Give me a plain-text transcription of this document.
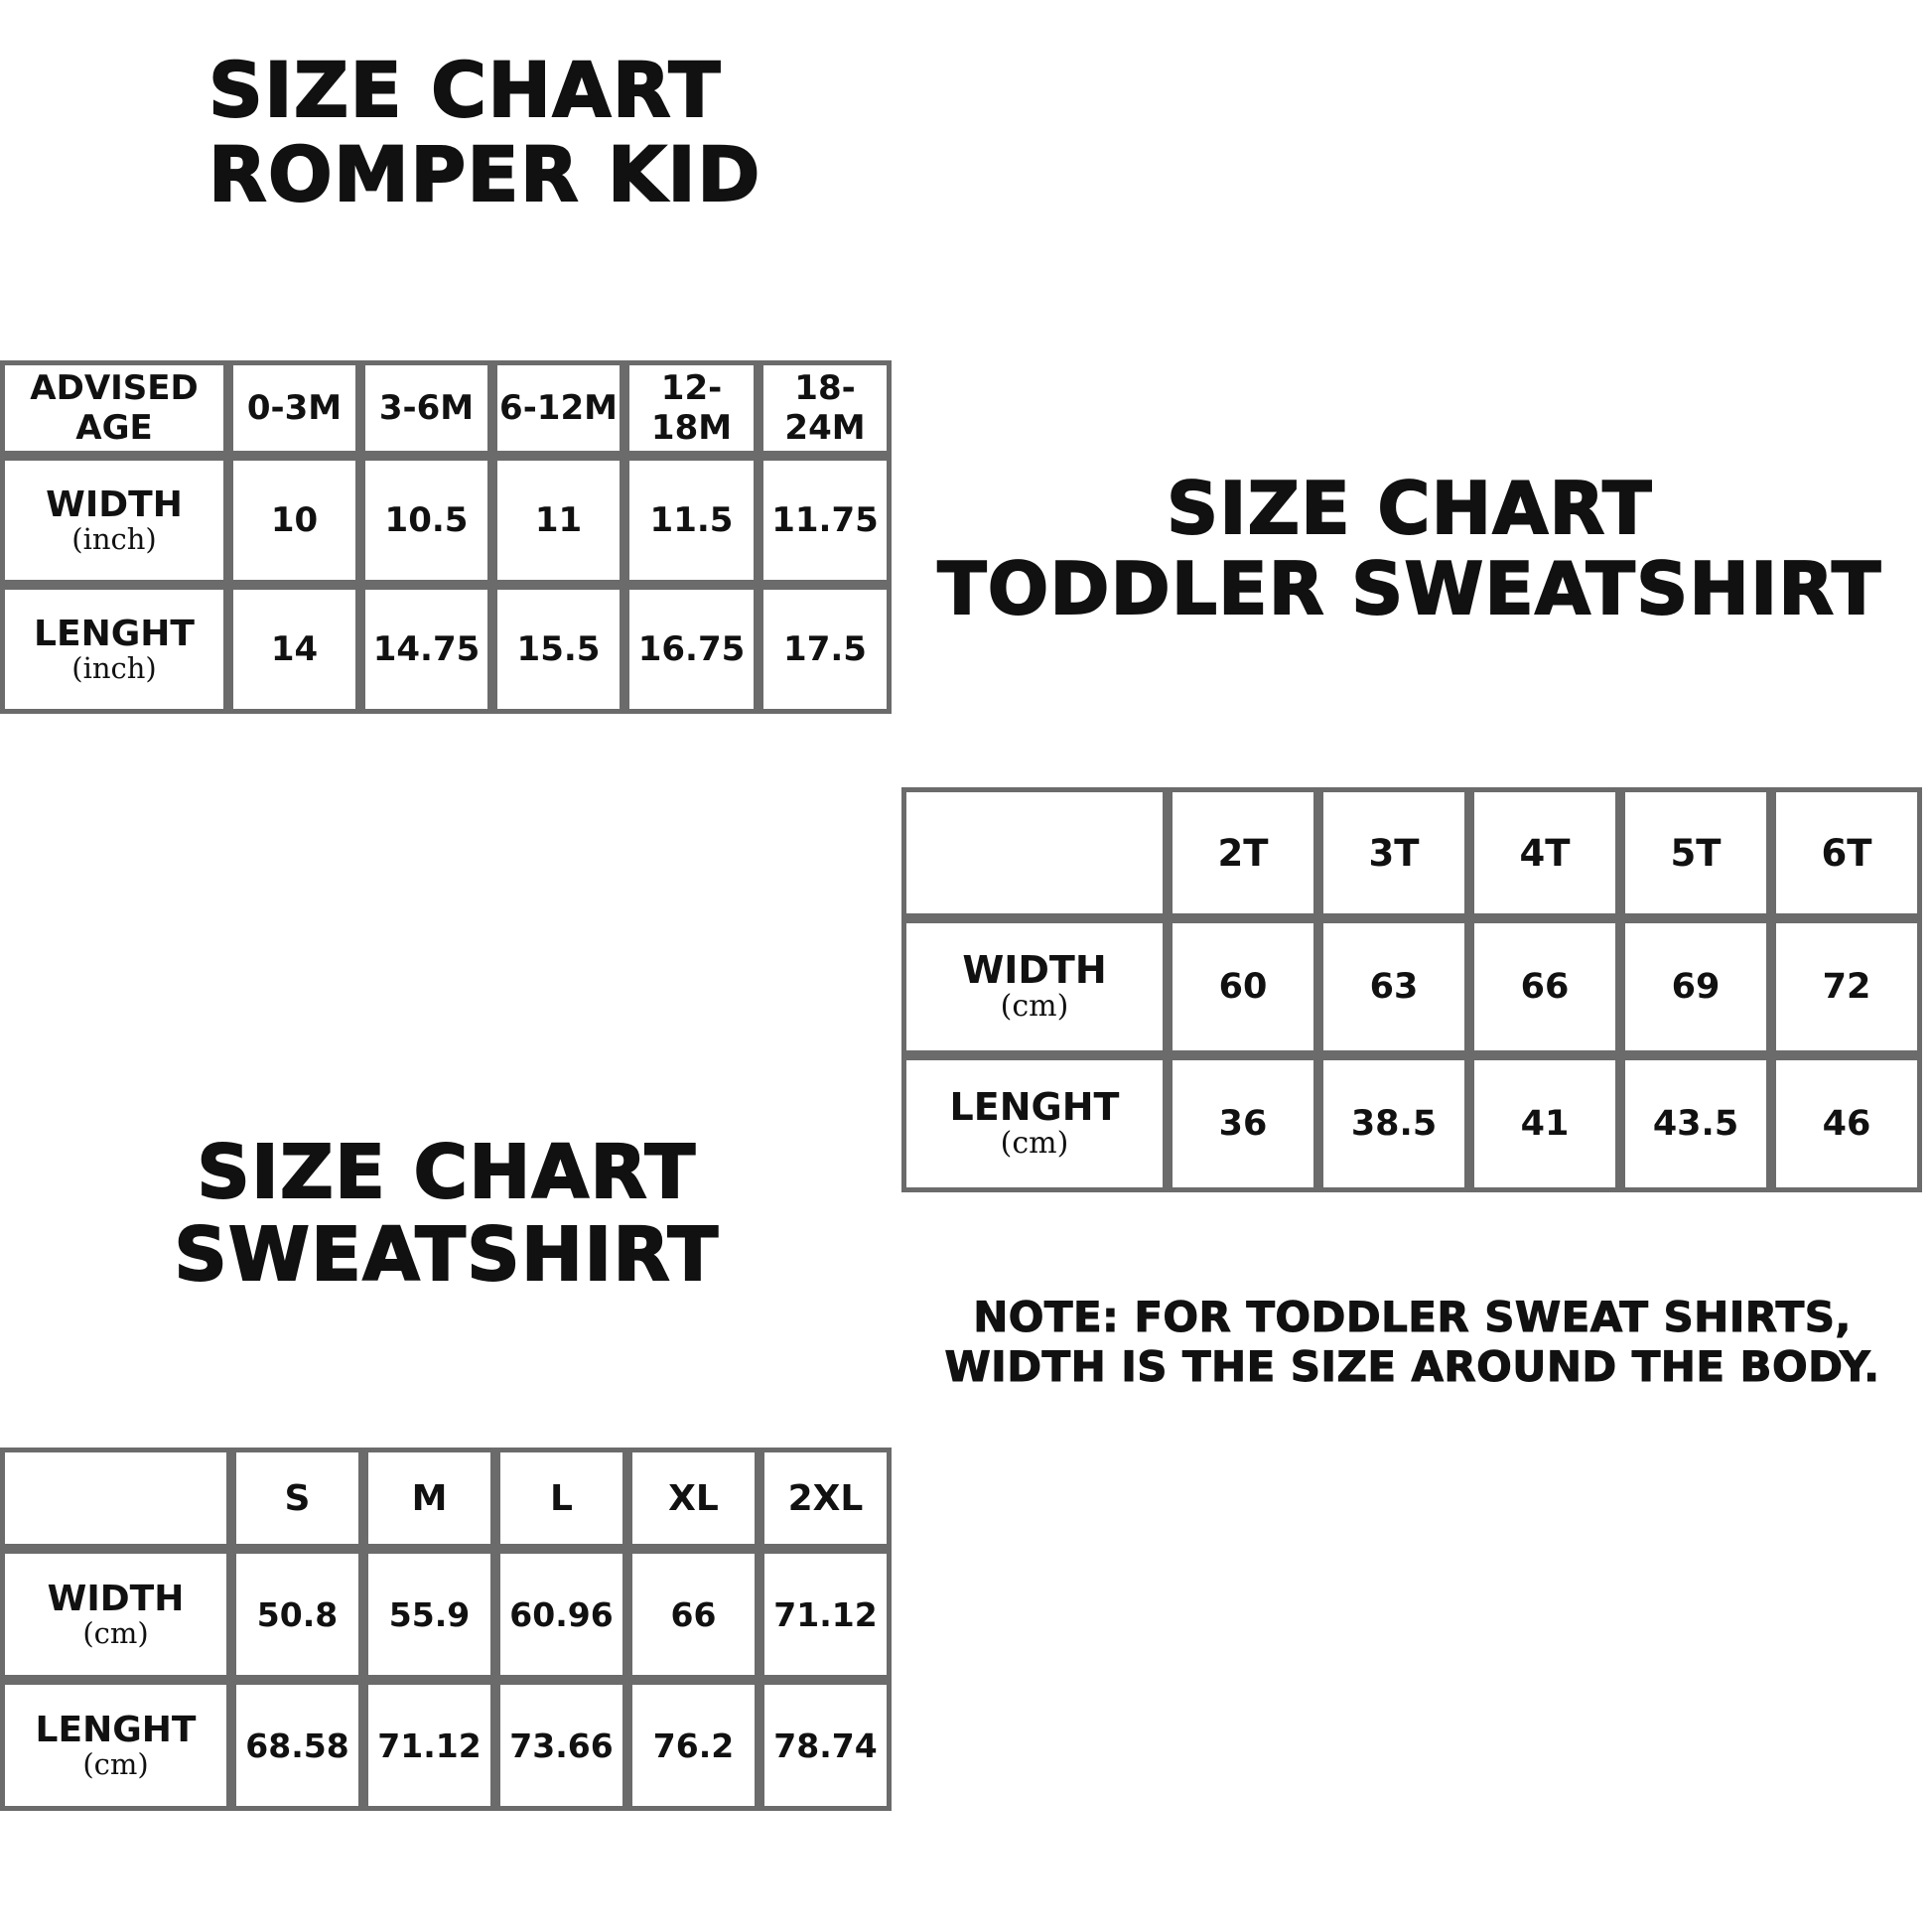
SIZE CHART
ROMPER KID
ADVISED AGE	0-3M	3-6M	6-12M	12-18M	18-24M
WIDTH
(inch)	10	10.5	11	11.5	11.75
LENGHT
(inch)	14	14.75	15.5	16.75	17.5
SIZE CHART
TODDLER SWEATSHIRT
	2T	3T	4T	5T	6T
WIDTH
(cm)	60	63	66	69	72
LENGHT
(cm)	36	38.5	41	43.5	46
NOTE: FOR TODDLER SWEAT SHIRTS,
WIDTH IS THE SIZE AROUND THE BODY.
SIZE CHART
SWEATSHIRT
	S	M	L	XL	2XL
WIDTH
(cm)	50.8	55.9	60.96	66	71.12
LENGHT
(cm)	68.58	71.12	73.66	76.2	78.74
